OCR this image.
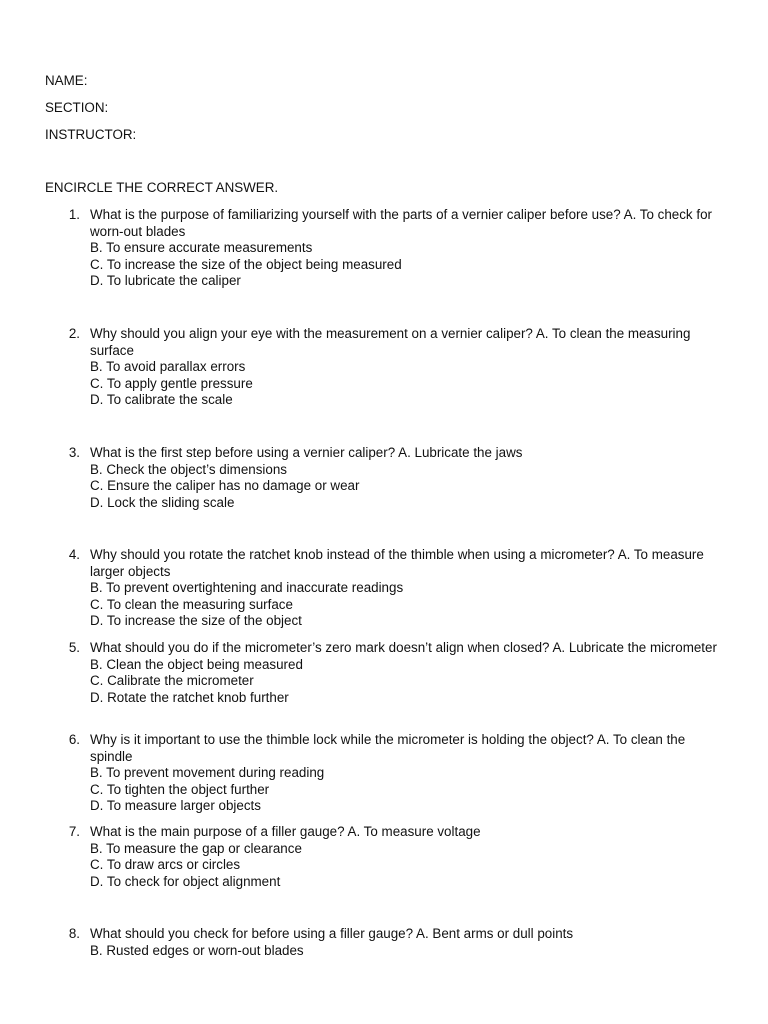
NAME:
SECTION:
INSTRUCTOR:
ENCIRCLE THE CORRECT ANSWER.
1. What is the purpose of familiarizing yourself with the parts of a vernier caliper before use? A. To check for worn-out blades
B. To ensure accurate measurements
C. To increase the size of the object being measured
D. To lubricate the caliper
2. Why should you align your eye with the measurement on a vernier caliper? A. To clean the measuring surface
B. To avoid parallax errors
C. To apply gentle pressure
D. To calibrate the scale
3. What is the first step before using a vernier caliper? A. Lubricate the jaws
B. Check the object’s dimensions
C. Ensure the caliper has no damage or wear
D. Lock the sliding scale
4. Why should you rotate the ratchet knob instead of the thimble when using a micrometer? A. To measure larger objects
B. To prevent overtightening and inaccurate readings
C. To clean the measuring surface
D. To increase the size of the object
5. What should you do if the micrometer’s zero mark doesn’t align when closed? A. Lubricate the micrometer
B. Clean the object being measured
C. Calibrate the micrometer
D. Rotate the ratchet knob further
6. Why is it important to use the thimble lock while the micrometer is holding the object? A. To clean the spindle
B. To prevent movement during reading
C. To tighten the object further
D. To measure larger objects
7. What is the main purpose of a filler gauge? A. To measure voltage
B. To measure the gap or clearance
C. To draw arcs or circles
D. To check for object alignment
8. What should you check for before using a filler gauge? A. Bent arms or dull points
B. Rusted edges or worn-out blades
